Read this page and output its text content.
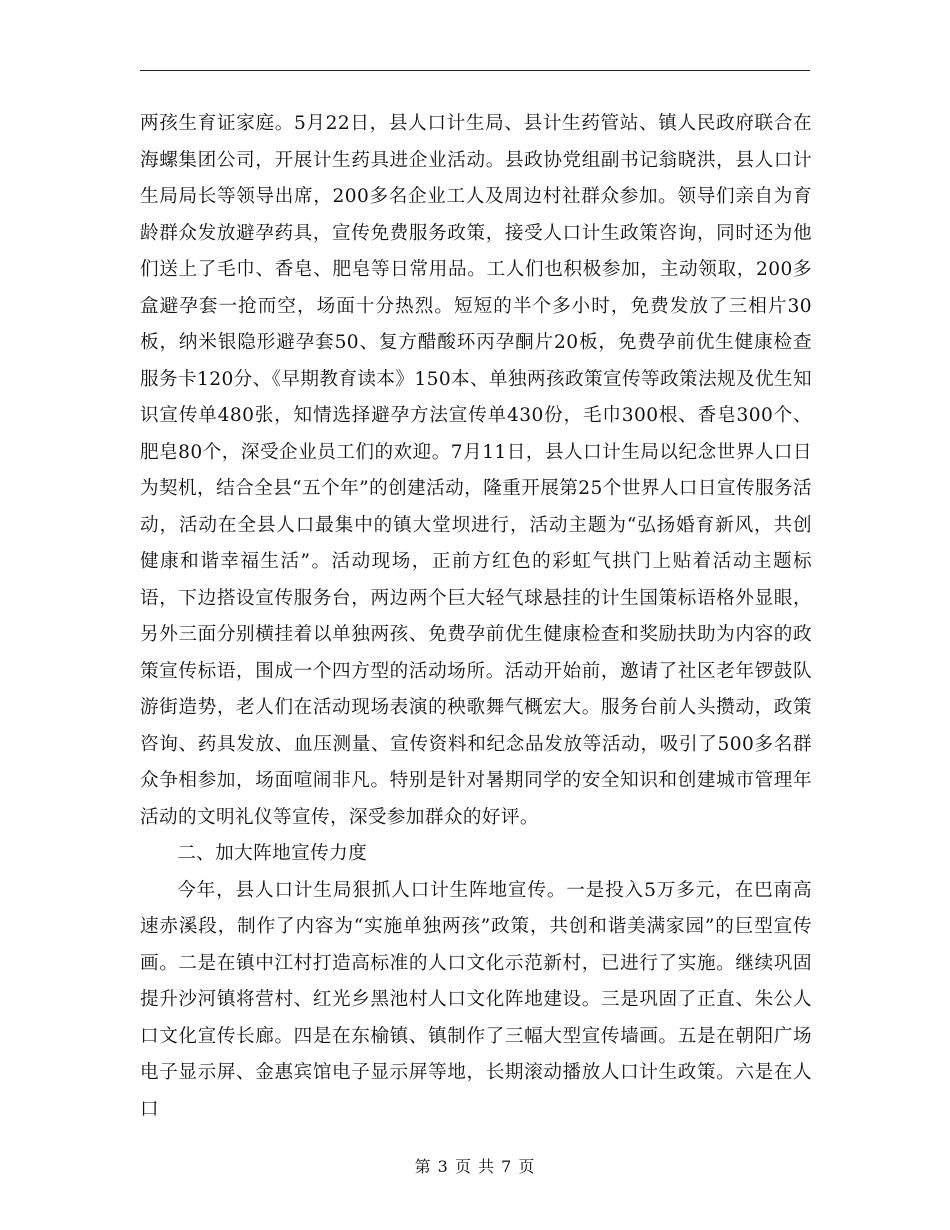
两孩生育证家庭。5月22日，县人口计生局、县计生药管站、镇人民政府联合在海螺集团公司，开展计生药具进企业活动。县政协党组副书记翁晓洪，县人口计生局局长等领导出席，200多名企业工人及周边村社群众参加。领导们亲自为育龄群众发放避孕药具，宣传免费服务政策，接受人口计生政策咨询，同时还为他们送上了毛巾、香皂、肥皂等日常用品。工人们也积极参加，主动领取，200多盒避孕套一抢而空，场面十分热烈。短短的半个多小时，免费发放了三相片30板，纳米银隐形避孕套50、复方醋酸环丙孕酮片20板，免费孕前优生健康检查服务卡120分、《早期教育读本》150本、单独两孩政策宣传等政策法规及优生知识宣传单480张，知情选择避孕方法宣传单430份，毛巾300根、香皂300个、肥皂80个，深受企业员工们的欢迎。7月11日，县人口计生局以纪念世界人口日为契机，结合全县“五个年”的创建活动，隆重开展第25个世界人口日宣传服务活动，活动在全县人口最集中的镇大堂坝进行，活动主题为“弘扬婚育新风，共创健康和谐幸福生活”。活动现场，正前方红色的彩虹气拱门上贴着活动主题标语，下边搭设宣传服务台，两边两个巨大轻气球悬挂的计生国策标语格外显眼，另外三面分别横挂着以单独两孩、免费孕前优生健康检查和奖励扶助为内容的政策宣传标语，围成一个四方型的活动场所。活动开始前，邀请了社区老年锣鼓队游街造势，老人们在活动现场表演的秧歌舞气概宏大。服务台前人头攒动，政策咨询、药具发放、血压测量、宣传资料和纪念品发放等活动，吸引了500多名群众争相参加，场面喧闹非凡。特别是针对暑期同学的安全知识和创建城市管理年活动的文明礼仪等宣传，深受参加群众的好评。

二、加大阵地宣传力度

今年，县人口计生局狠抓人口计生阵地宣传。一是投入5万多元，在巴南高速赤溪段，制作了内容为“实施单独两孩”政策，共创和谐美满家园”的巨型宣传画。二是在镇中江村打造高标准的人口文化示范新村，已进行了实施。继续巩固提升沙河镇将营村、红光乡黑池村人口文化阵地建设。三是巩固了正直、朱公人口文化宣传长廊。四是在东榆镇、镇制作了三幅大型宣传墙画。五是在朝阳广场电子显示屏、金惠宾馆电子显示屏等地，长期滚动播放人口计生政策。六是在人口

第 3 页 共 7 页
